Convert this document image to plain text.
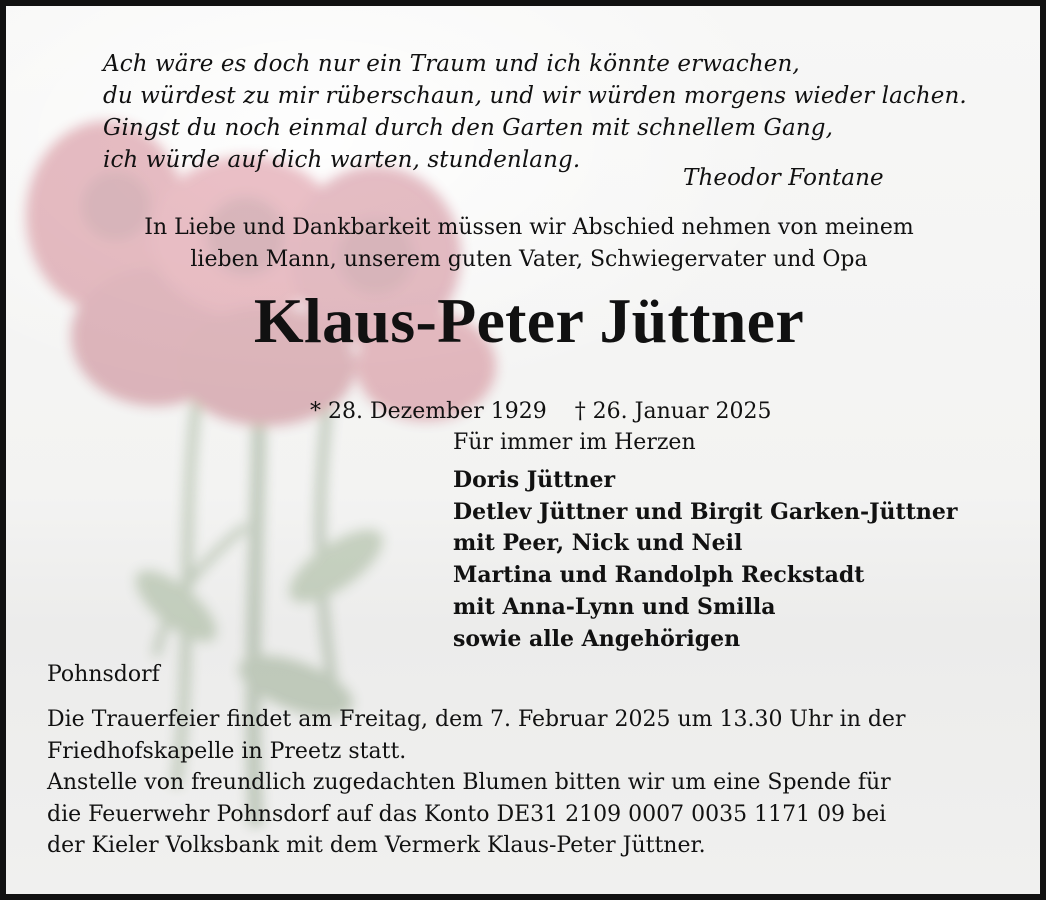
Ach wäre es doch nur ein Traum und ich könnte erwachen,
du würdest zu mir rüberschaun, und wir würden morgens wieder lachen.
Gingst du noch einmal durch den Garten mit schnellem Gang,
ich würde auf dich warten, stundenlang.
Theodor Fontane
In Liebe und Dankbarkeit müssen wir Abschied nehmen von meinem
lieben Mann, unserem guten Vater, Schwiegervater und Opa
Klaus-Peter Jüttner

* 28. Dezember 1929 † 26. Januar 2025

Für immer im Herzen
Doris Jüttner
Detlev Jüttner und Birgit Garken-Jüttner
mit Peer, Nick und Neil
Martina und Randolph Reckstadt
mit Anna-Lynn und Smilla
sowie alle Angehörigen
Pohnsdorf
Die Trauerfeier findet am Freitag, dem 7. Februar 2025 um 13.30 Uhr in der
Friedhofskapelle in Preetz statt.
Anstelle von freundlich zugedachten Blumen bitten wir um eine Spende für
die Feuerwehr Pohnsdorf auf das Konto DE31 2109 0007 0035 1171 09 bei
der Kieler Volksbank mit dem Vermerk Klaus-Peter Jüttner.
